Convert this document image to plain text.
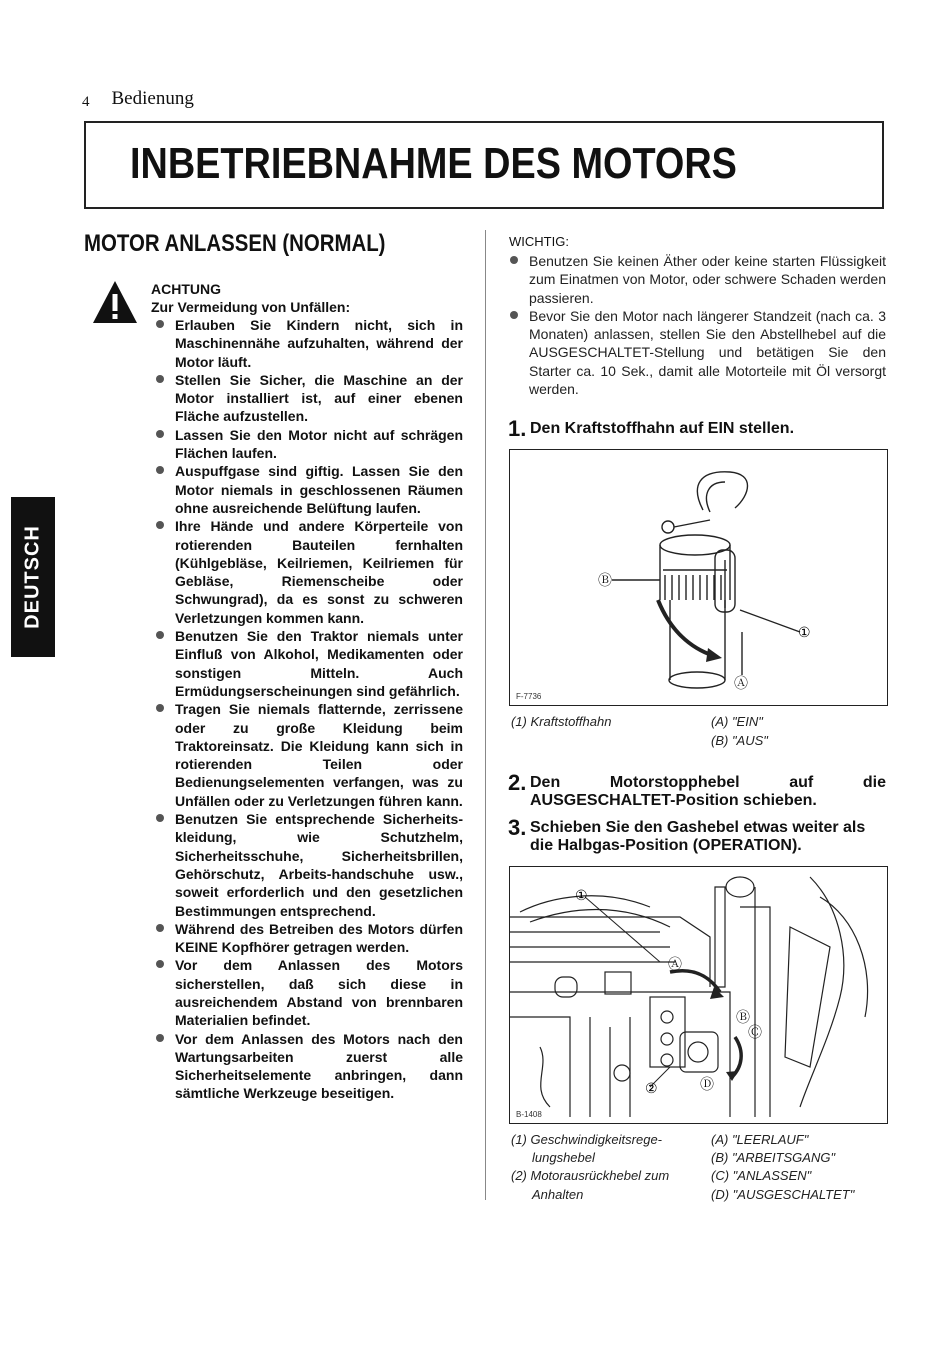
4 Bedienung
INBETRIEBNAHME DES MOTORS
DEUTSCH
MOTOR ANLASSEN (NORMAL)
ACHTUNG
Zur Vermeidung von Unfällen:
Erlauben Sie Kindern nicht, sich in Maschinennähe aufzuhalten, während der Motor läuft.
Stellen Sie Sicher, die Maschine an der Motor installiert ist, auf einer ebenen Fläche aufzustellen.
Lassen Sie den Motor nicht auf schrägen Flächen laufen.
Auspuffgase sind giftig. Lassen Sie den Motor niemals in geschlossenen Räumen ohne ausreichende Belüftung laufen.
Ihre Hände und andere Körperteile von rotierenden Bauteilen fernhalten (Kühlgebläse, Keilriemen, Keilriemen für Gebläse, Riemenscheibe oder Schwungrad), da es sonst zu schweren Verletzungen kommen kann.
Benutzen Sie den Traktor niemals unter Einfluß von Alkohol, Medikamenten oder sonstigen Mitteln. Auch Ermüdungserscheinungen sind gefährlich.
Tragen Sie niemals flatternde, zerrissene oder zu große Kleidung beim Traktoreinsatz. Die Kleidung kann sich in rotierenden Teilen oder Bedienungselementen verfangen, was zu Unfällen oder zu Verletzungen führen kann.
Benutzen Sie entsprechende Sicherheits-kleidung, wie Schutzhelm, Sicherheitsschuhe, Sicherheitsbrillen, Gehörschutz, Arbeits-handschuhe usw., soweit erforderlich und den gesetzlichen Bestimmungen entsprechend.
Während des Betreiben des Motors dürfen KEINE Kopfhörer getragen werden.
Vor dem Anlassen des Motors sicherstellen, daß sich diese in ausreichendem Abstand von brennbaren Materialien befindet.
Vor dem Anlassen des Motors nach den Wartungsarbeiten zuerst alle Sicherheitselemente anbringen, dann sämtliche Werkzeuge beseitigen.
WICHTIG:
Benutzen Sie keinen Äther oder keine starten Flüssigkeit zum Einatmen von Motor, oder schwere Schaden werden passieren.
Bevor Sie den Motor nach längerer Standzeit (nach ca. 3 Monaten) anlassen, stellen Sie den Abstellhebel auf die AUSGESCHALTET-Stellung und betätigen Sie den Starter ca. 10 Sek., damit alle Motorteile mit Öl versorgt werden.
1. Den Kraftstoffhahn auf EIN stellen.
Ⓑ
①
Ⓐ
F-7736
(1) Kraftstoffhahn	(A) "EIN"
(B) "AUS"
2. Den Motorstopphebel auf die AUSGESCHALTET-Position schieben.
3. Schieben Sie den Gashebel etwas weiter als die Halbgas-Position (OPERATION).
①
Ⓐ
Ⓑ
Ⓒ
Ⓓ
②
B-1408
(1) Geschwindigkeitsrege-
lungshebel
(2) Motorausrückhebel zum
Anhalten
(A) "LEERLAUF"
(B) "ARBEITSGANG"
(C) "ANLASSEN"
(D) "AUSGESCHALTET"
